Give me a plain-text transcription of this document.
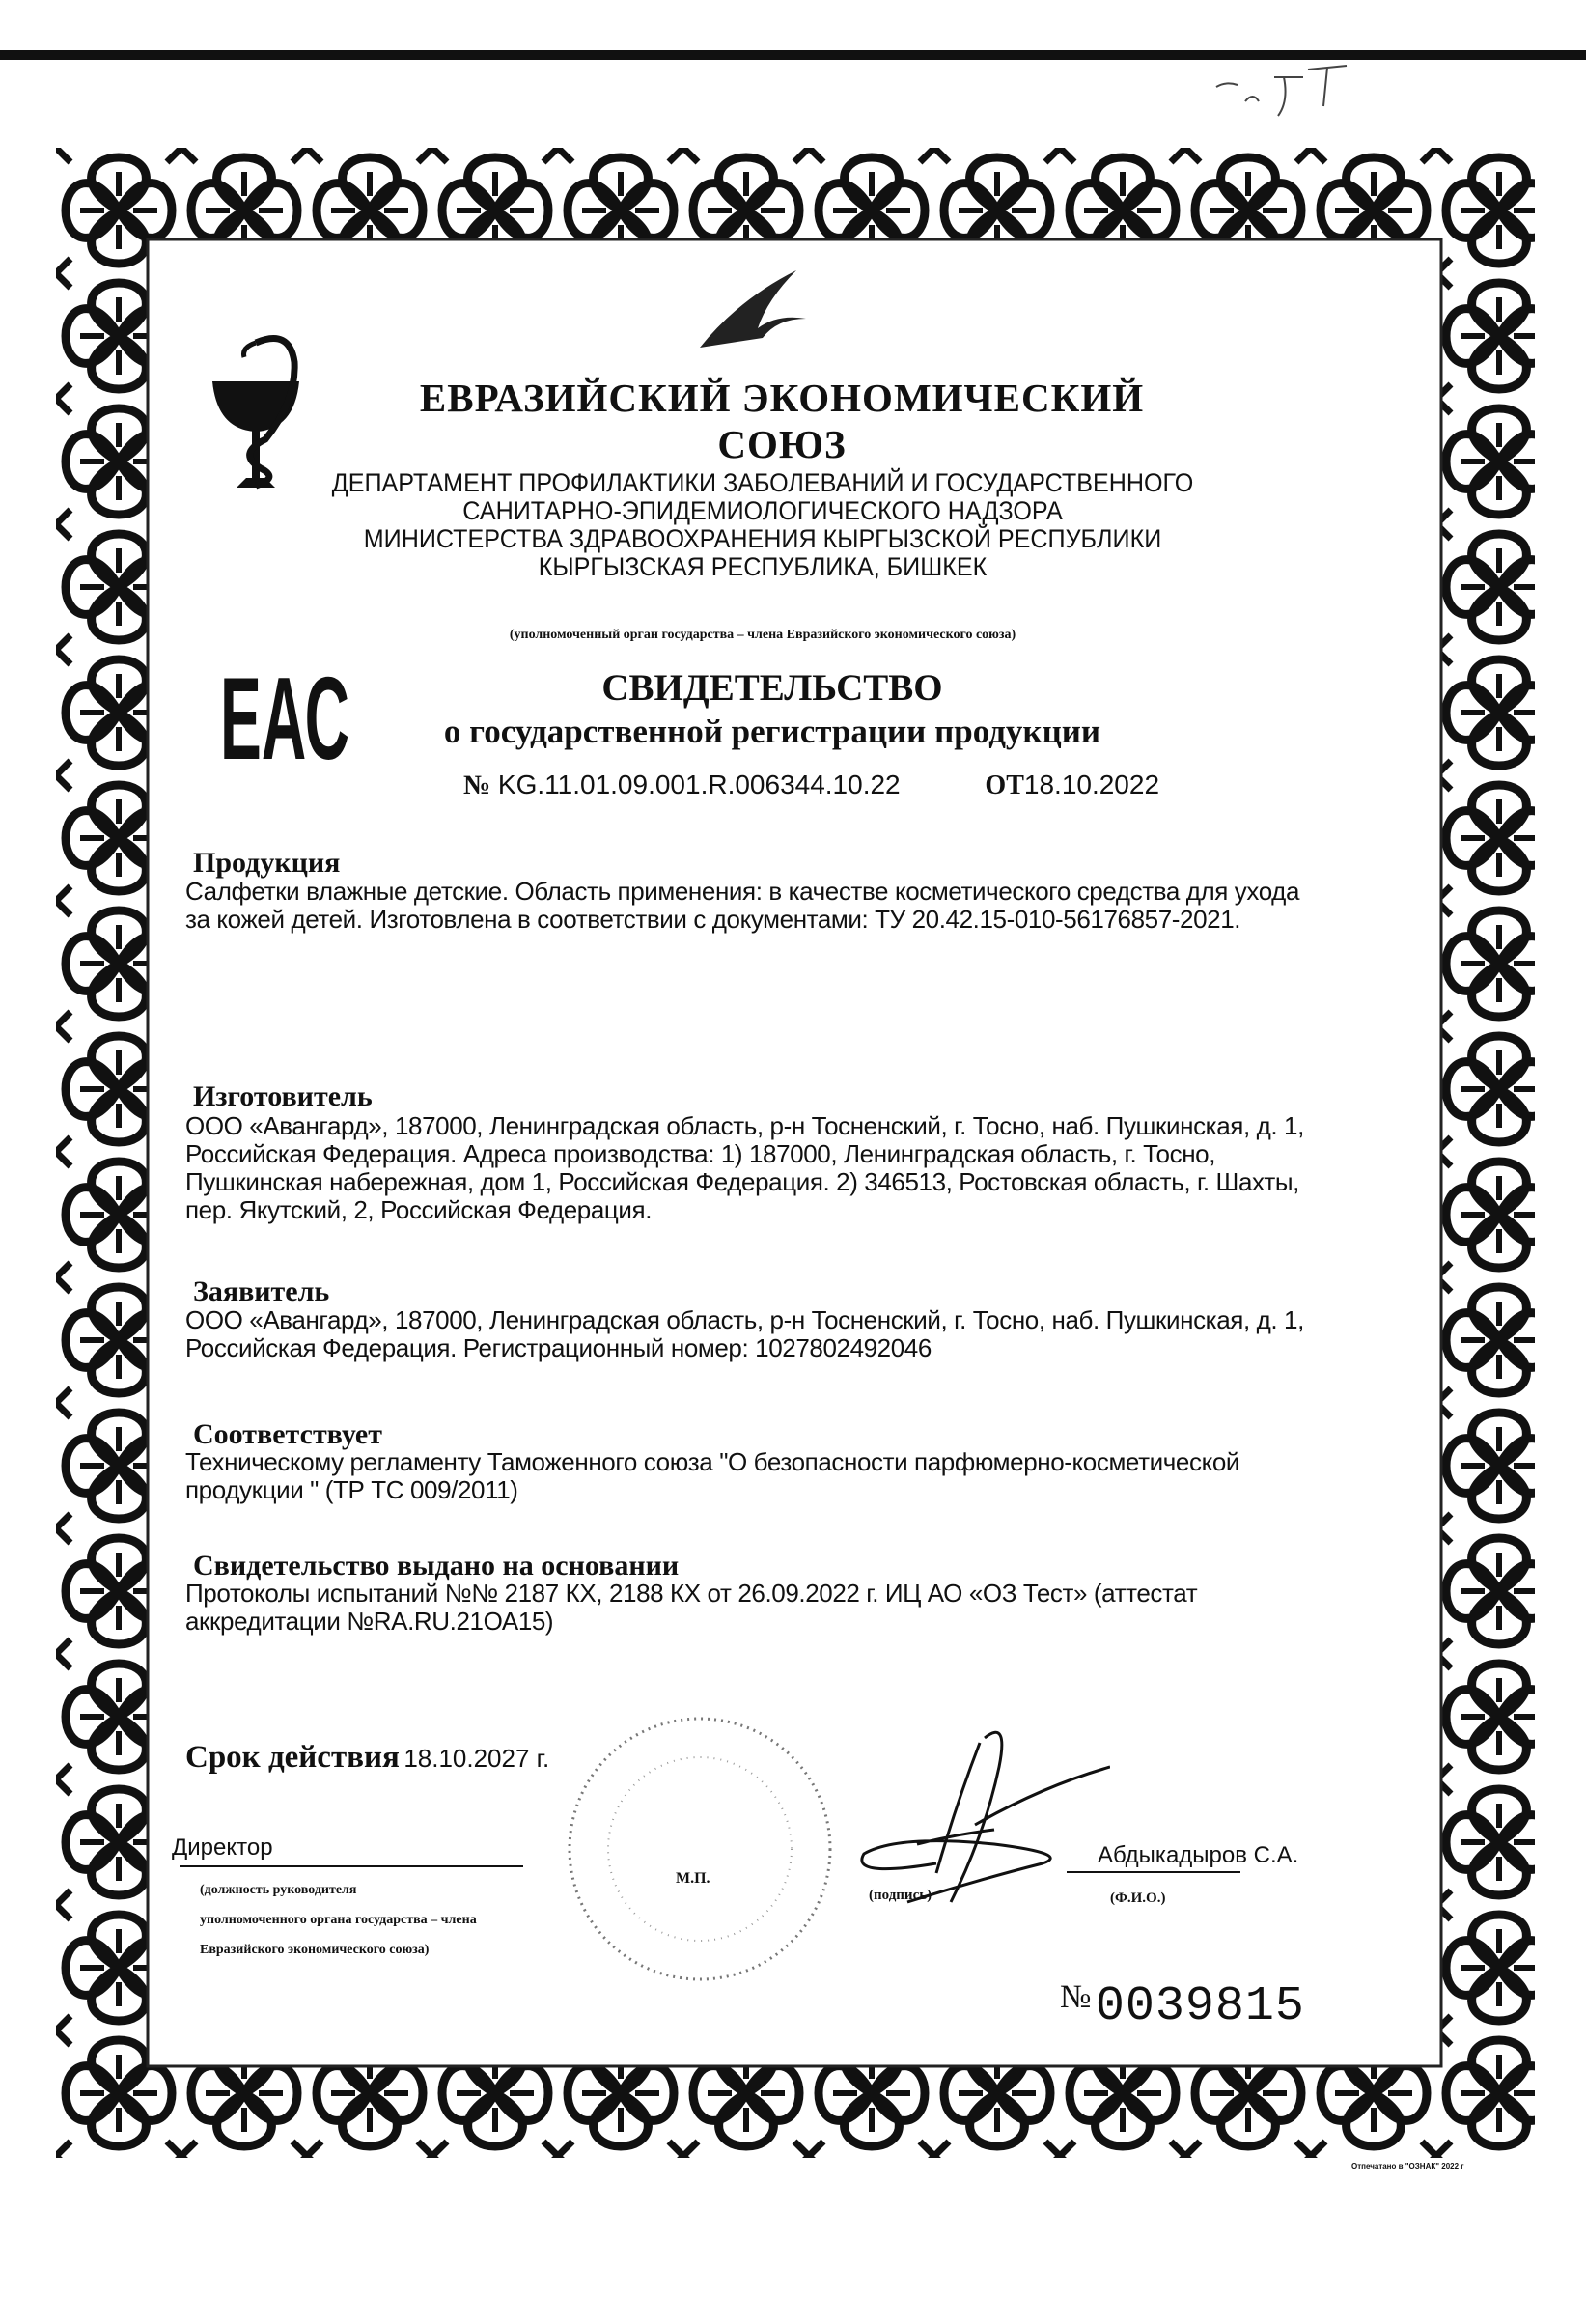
ЕВРАЗИЙСКИЙ ЭКОНОМИЧЕСКИЙ СОЮЗ
ДЕПАРТАМЕНТ ПРОФИЛАКТИКИ ЗАБОЛЕВАНИЙ И ГОСУДАРСТВЕННОГО
САНИТАРНО-ЭПИДЕМИОЛОГИЧЕСКОГО НАДЗОРА
МИНИСТЕРСТВА ЗДРАВООХРАНЕНИЯ КЫРГЫЗСКОЙ РЕСПУБЛИКИ
КЫРГЫЗСКАЯ РЕСПУБЛИКА, БИШКЕК
(уполномоченный орган государства – члена Евразийского экономического союза)
ЕАС	СВИДЕТЕЛЬСТВО
о государственной регистрации продукции
№ KG.11.01.09.001.R.006344.10.22	ОТ18.10.2022
Продукция
Салфетки влажные детские. Область применения: в качестве косметического средства для ухода за кожей детей. Изготовлена в соответствии с документами: ТУ 20.42.15-010-56176857-2021.
Изготовитель
ООО «Авангард», 187000, Ленинградская область, р-н Тосненский, г. Тосно, наб. Пушкинская, д. 1, Российская Федерация. Адреса производства: 1) 187000, Ленинградская область, г. Тосно, Пушкинская набережная, дом 1, Российская Федерация. 2) 346513, Ростовская область, г. Шахты, пер. Якутский, 2, Российская Федерация.
Заявитель
ООО «Авангард», 187000, Ленинградская область, р-н Тосненский, г. Тосно, наб. Пушкинская, д. 1, Российская Федерация. Регистрационный номер: 1027802492046
Соответствует
Техническому регламенту Таможенного союза "О безопасности парфюмерно-косметической продукции " (ТР ТС 009/2011)
Свидетельство выдано на основании
Протоколы испытаний №№ 2187 КХ, 2188 КХ от 26.09.2022 г. ИЦ АО «ОЗ Тест» (аттестат аккредитации №RA.RU.21ОА15)
Срок действия 18.10.2027 г.
Директор
(должность руководителя
уполномоченного органа государства – члена
Евразийского экономического союза)
М.П.
(подпись)
Абдыкадыров С.А.
(Ф.И.О.)
№ 0039815
Отпечатано в "ОЗНАК" 2022 г
